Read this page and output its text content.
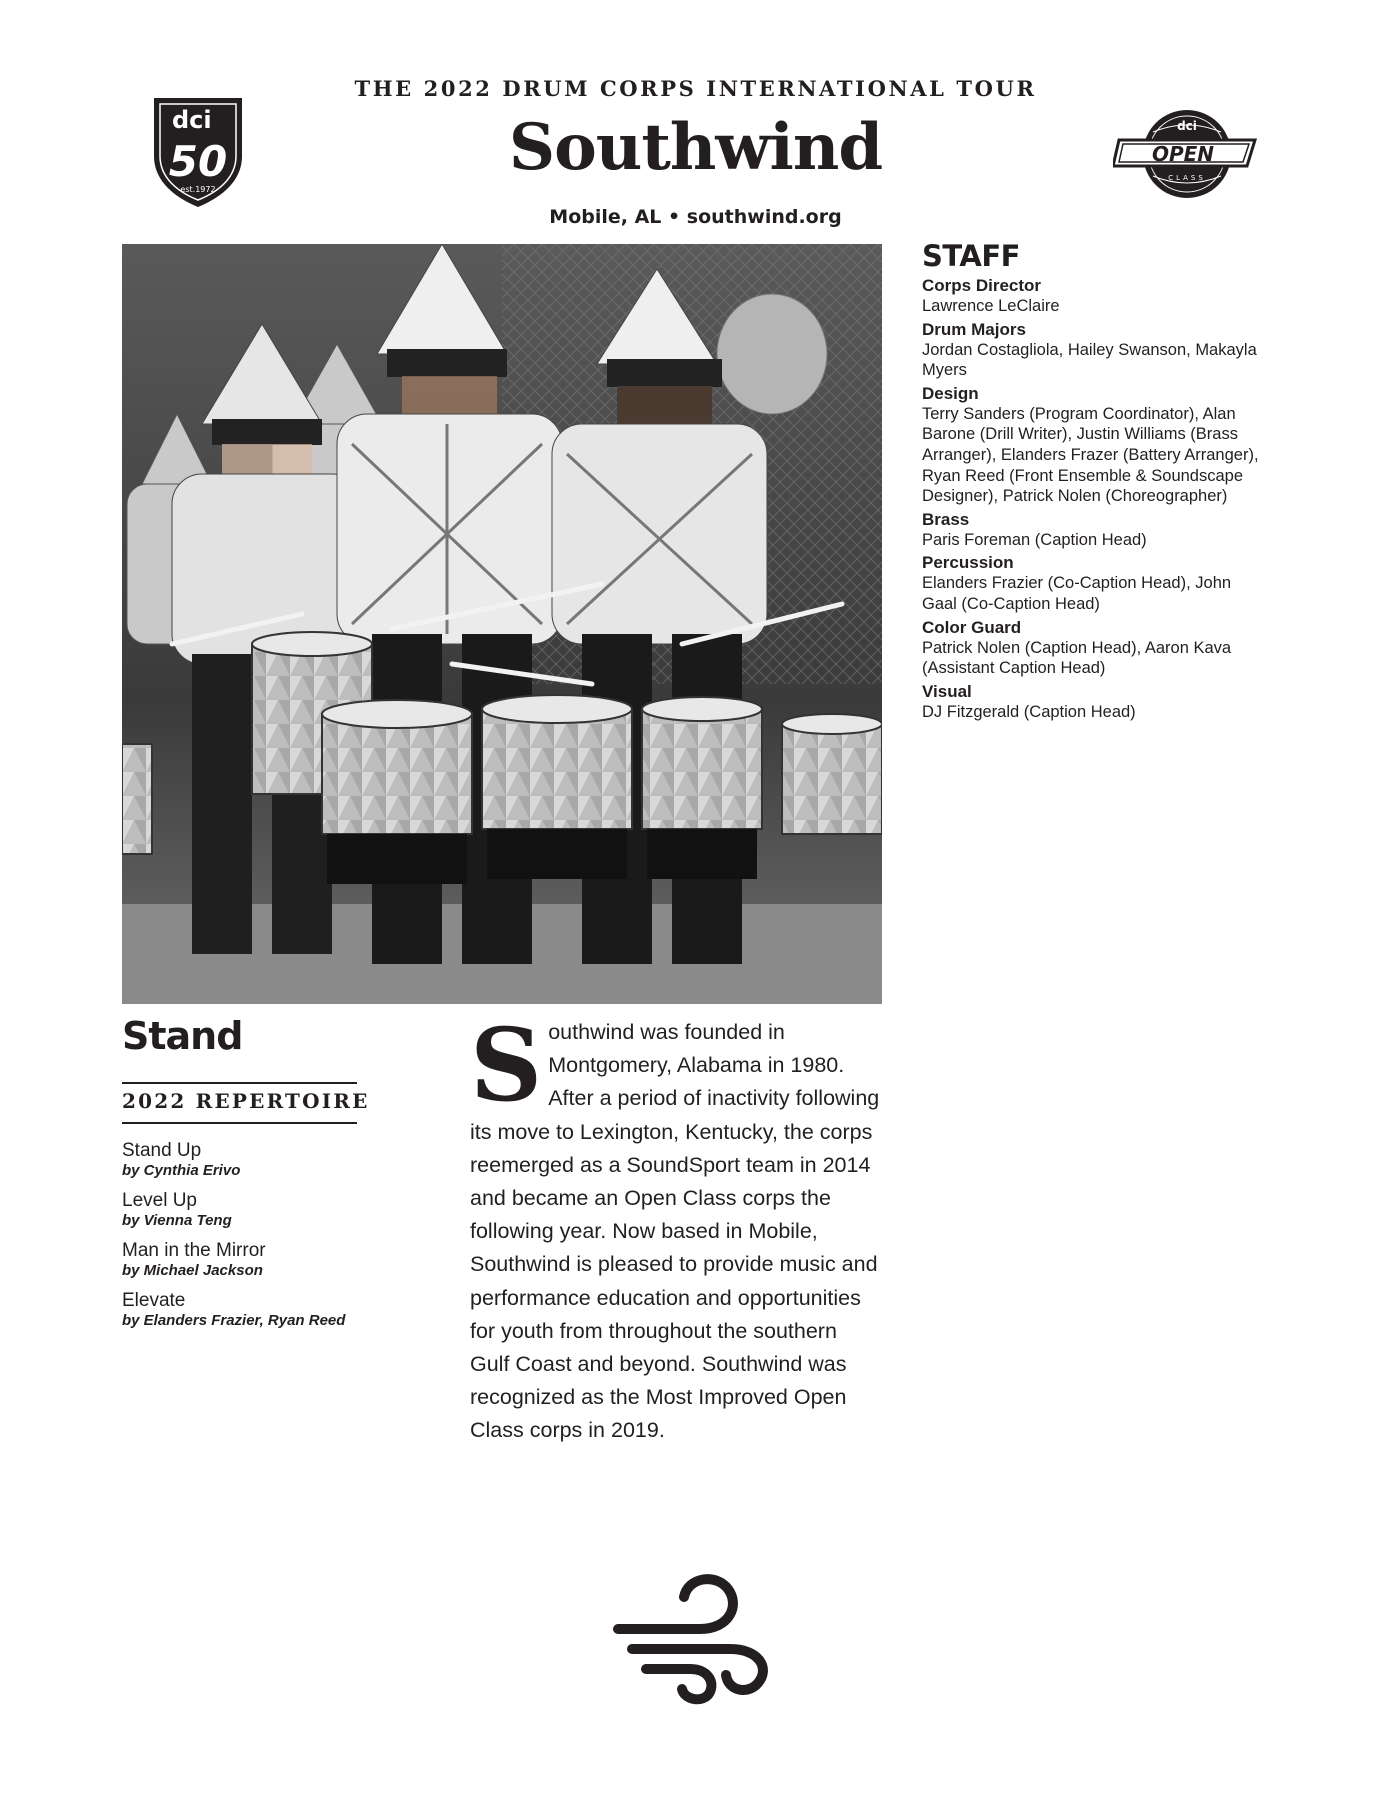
THE 2022 DRUM CORPS INTERNATIONAL TOUR
Southwind
Mobile, AL • southwind.org
dci
50
est.1972
dci
OPEN
CLASS
STAFF
Corps Director
Lawrence LeClaire
Drum Majors
Jordan Costagliola, Hailey Swanson, Makayla Myers
Design
Terry Sanders (Program Coordinator), Alan Barone (Drill Writer), Justin Williams (Brass Arranger), Elanders Frazer (Battery Arranger), Ryan Reed (Front Ensemble & Soundscape Designer), Patrick Nolen (Choreographer)
Brass
Paris Foreman (Caption Head)
Percussion
Elanders Frazier (Co-Caption Head), John Gaal (Co-Caption Head)
Color Guard
Patrick Nolen (Caption Head), Aaron Kava (Assistant Caption Head)
Visual
DJ Fitzgerald (Caption Head)
Stand
2022 REPERTOIRE
Stand Up
by Cynthia Erivo
Level Up
by Vienna Teng
Man in the Mirror
by Michael Jackson
Elevate
by Elanders Frazier, Ryan Reed
Southwind was founded in Montgomery, Alabama in 1980. After a period of inactivity following its move to Lexington, Kentucky, the corps reemerged as a SoundSport team in 2014 and became an Open Class corps the following year. Now based in Mobile, Southwind is pleased to provide music and performance education and opportunities for youth from throughout the southern Gulf Coast and beyond. Southwind was recognized as the Most Improved Open Class corps in 2019.
